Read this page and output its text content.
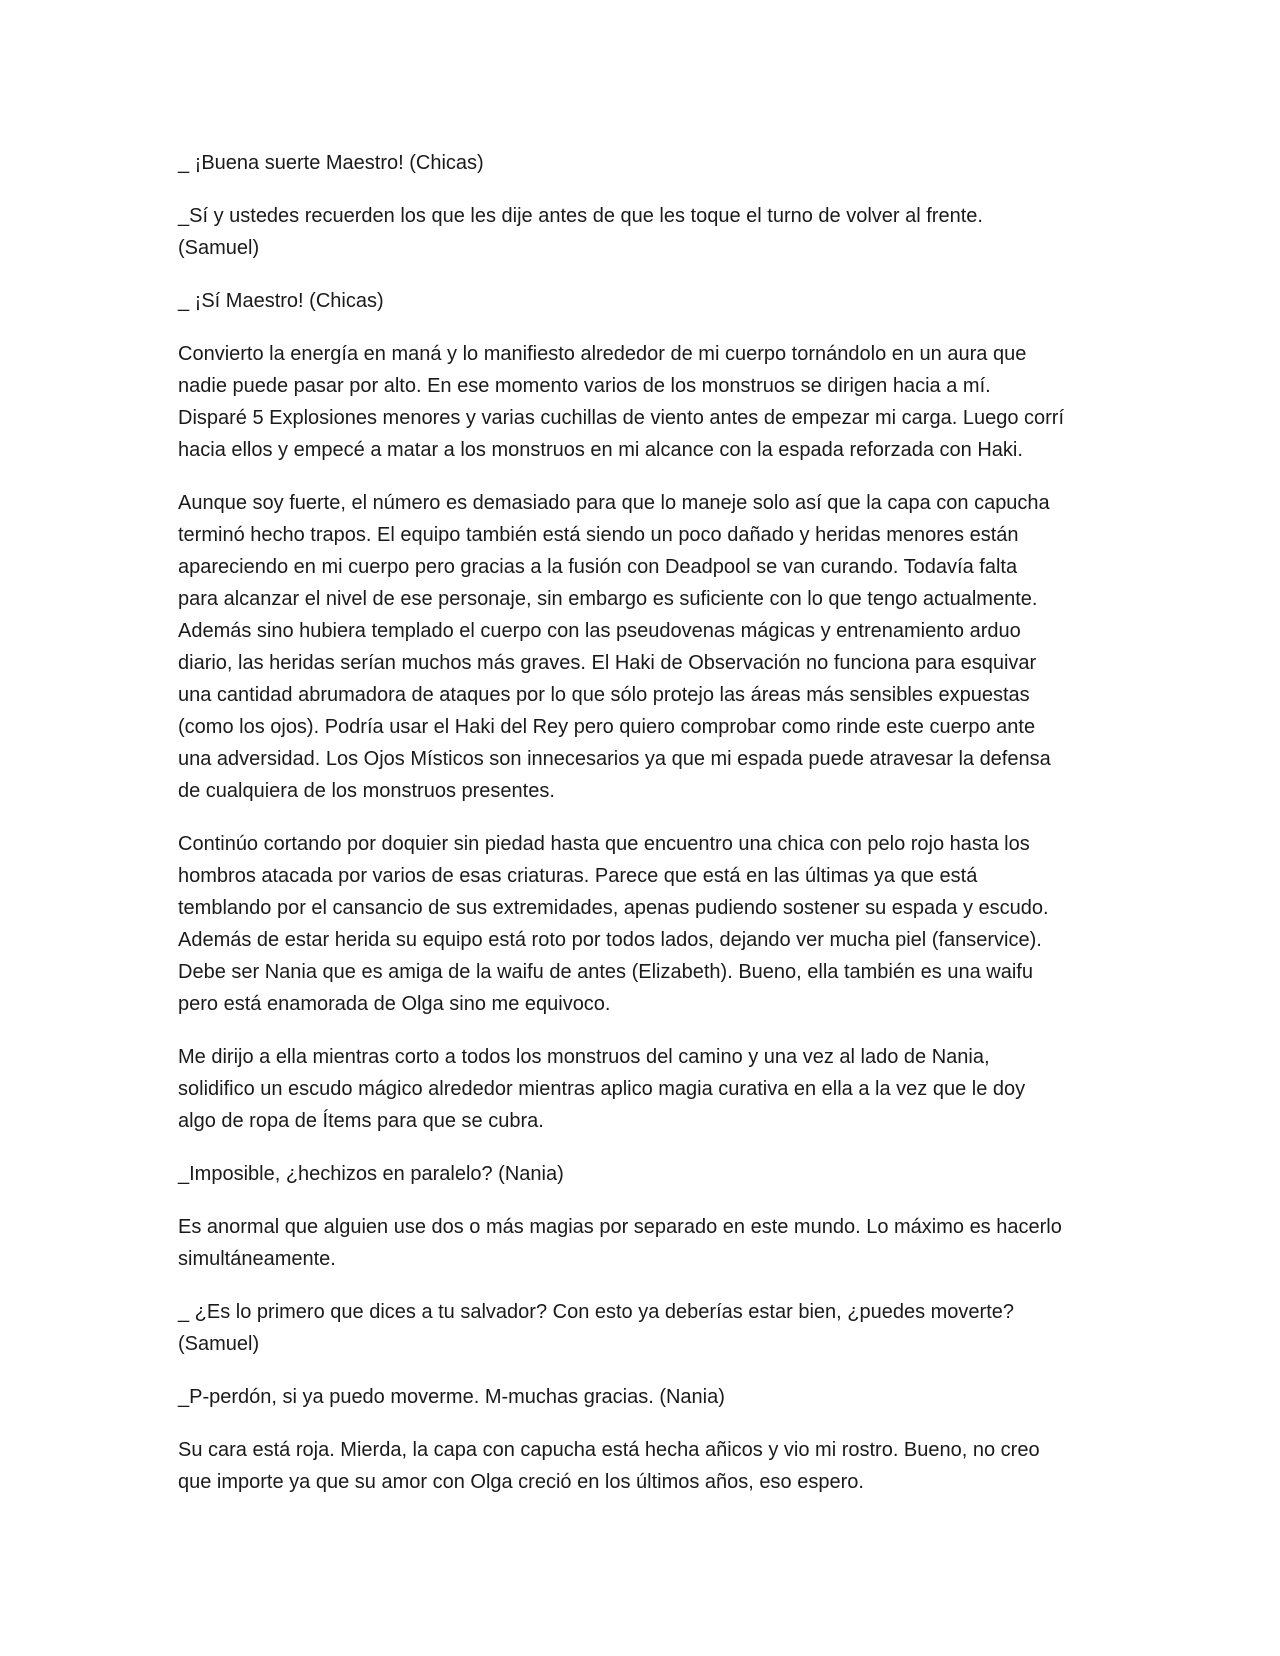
_ ¡Buena suerte Maestro! (Chicas)

_Sí y ustedes recuerden los que les dije antes de que les toque el turno de volver al frente.
(Samuel)

_ ¡Sí Maestro! (Chicas)

Convierto la energía en maná y lo manifiesto alrededor de mi cuerpo tornándolo en un aura que
nadie puede pasar por alto. En ese momento varios de los monstruos se dirigen hacia a mí.
Disparé 5 Explosiones menores y varias cuchillas de viento antes de empezar mi carga. Luego corrí
hacia ellos y empecé a matar a los monstruos en mi alcance con la espada reforzada con Haki.

Aunque soy fuerte, el número es demasiado para que lo maneje solo así que la capa con capucha
terminó hecho trapos. El equipo también está siendo un poco dañado y heridas menores están
apareciendo en mi cuerpo pero gracias a la fusión con Deadpool se van curando. Todavía falta
para alcanzar el nivel de ese personaje, sin embargo es suficiente con lo que tengo actualmente.
Además sino hubiera templado el cuerpo con las pseudovenas mágicas y entrenamiento arduo
diario, las heridas serían muchos más graves. El Haki de Observación no funciona para esquivar
una cantidad abrumadora de ataques por lo que sólo protejo las áreas más sensibles expuestas
(como los ojos). Podría usar el Haki del Rey pero quiero comprobar como rinde este cuerpo ante
una adversidad. Los Ojos Místicos son innecesarios ya que mi espada puede atravesar la defensa
de cualquiera de los monstruos presentes.

Continúo cortando por doquier sin piedad hasta que encuentro una chica con pelo rojo hasta los
hombros atacada por varios de esas criaturas. Parece que está en las últimas ya que está
temblando por el cansancio de sus extremidades, apenas pudiendo sostener su espada y escudo.
Además de estar herida su equipo está roto por todos lados, dejando ver mucha piel (fanservice).
Debe ser Nania que es amiga de la waifu de antes (Elizabeth). Bueno, ella también es una waifu
pero está enamorada de Olga sino me equivoco.

Me dirijo a ella mientras corto a todos los monstruos del camino y una vez al lado de Nania,
solidifico un escudo mágico alrededor mientras aplico magia curativa en ella a la vez que le doy
algo de ropa de Ítems para que se cubra.

_Imposible, ¿hechizos en paralelo? (Nania)

Es anormal que alguien use dos o más magias por separado en este mundo. Lo máximo es hacerlo
simultáneamente.

_ ¿Es lo primero que dices a tu salvador? Con esto ya deberías estar bien, ¿puedes moverte?
(Samuel)

_P-perdón, si ya puedo moverme. M-muchas gracias. (Nania)

Su cara está roja. Mierda, la capa con capucha está hecha añicos y vio mi rostro. Bueno, no creo
que importe ya que su amor con Olga creció en los últimos años, eso espero.
